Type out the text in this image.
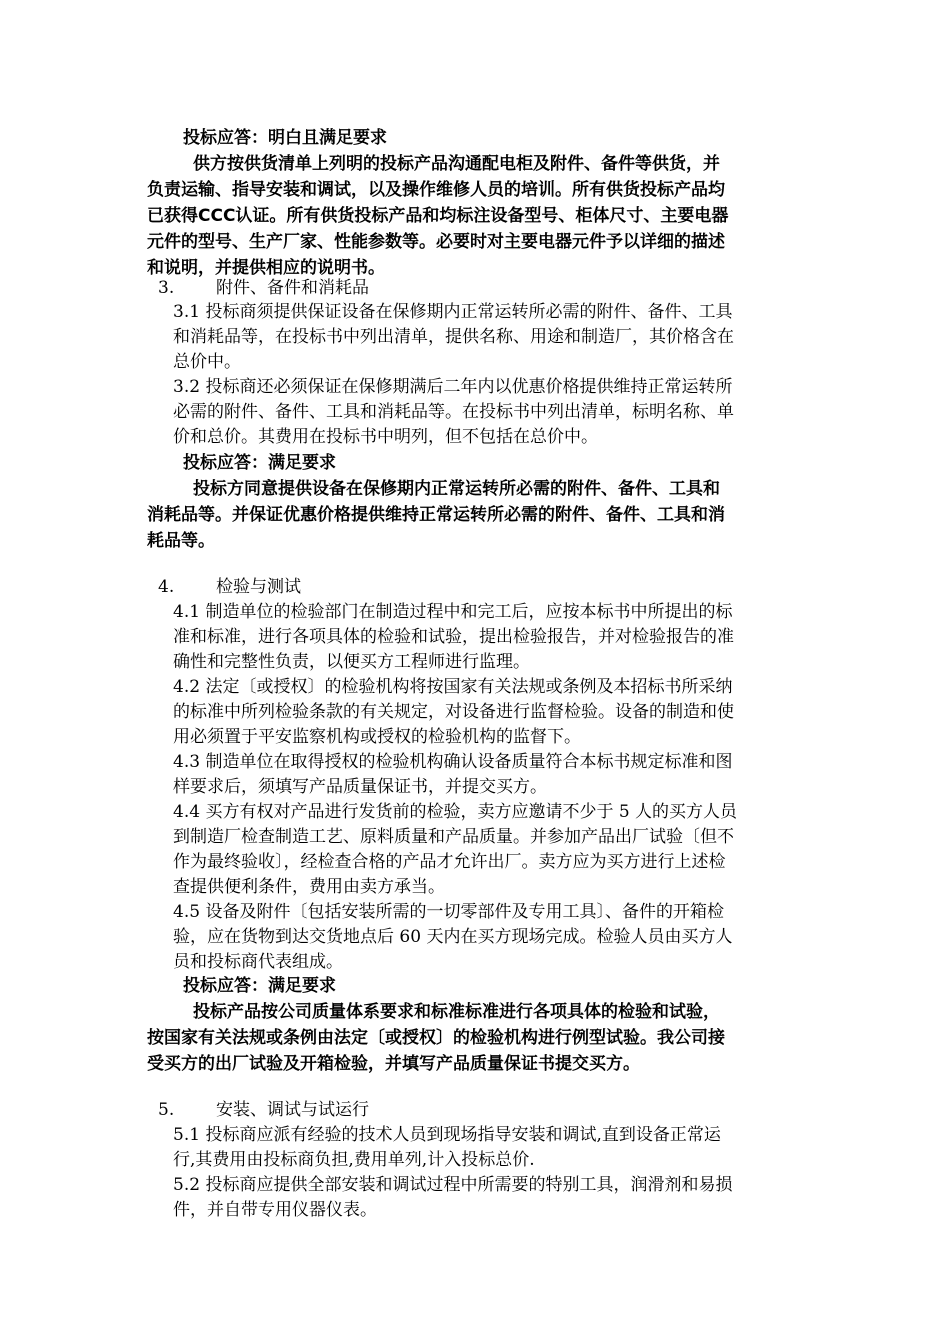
投标应答：明白且满足要求
供方按供货清单上列明的投标产品沟通配电柜及附件、备件等供货，并
负责运输、指导安装和调试，以及操作维修人员的培训。所有供货投标产品均
已获得CCC认证。所有供货投标产品和均标注设备型号、柜体尺寸、主要电器
元件的型号、生产厂家、性能参数等。必要时对主要电器元件予以详细的描述
和说明，并提供相应的说明书。
3. 附件、备件和消耗品
3.1 投标商须提供保证设备在保修期内正常运转所必需的附件、备件、工具
和消耗品等，在投标书中列出清单，提供名称、用途和制造厂，其价格含在
总价中。
3.2 投标商还必须保证在保修期满后二年内以优惠价格提供维持正常运转所
必需的附件、备件、工具和消耗品等。在投标书中列出清单，标明名称、单
价和总价。其费用在投标书中明列，但不包括在总价中。
投标应答：满足要求
投标方同意提供设备在保修期内正常运转所必需的附件、备件、工具和
消耗品等。并保证优惠价格提供维持正常运转所必需的附件、备件、工具和消
耗品等。
4. 检验与测试
4.1 制造单位的检验部门在制造过程中和完工后，应按本标书中所提出的标
准和标准，进行各项具体的检验和试验，提出检验报告，并对检验报告的准
确性和完整性负责，以便买方工程师进行监理。
4.2 法定〔或授权〕的检验机构将按国家有关法规或条例及本招标书所采纳
的标准中所列检验条款的有关规定，对设备进行监督检验。设备的制造和使
用必须置于平安监察机构或授权的检验机构的监督下。
4.3 制造单位在取得授权的检验机构确认设备质量符合本标书规定标准和图
样要求后，须填写产品质量保证书，并提交买方。
4.4 买方有权对产品进行发货前的检验，卖方应邀请不少于 5 人的买方人员
到制造厂检查制造工艺、原料质量和产品质量。并参加产品出厂试验〔但不
作为最终验收〕，经检查合格的产品才允许出厂。卖方应为买方进行上述检
查提供便利条件，费用由卖方承当。
4.5 设备及附件〔包括安装所需的一切零部件及专用工具〕、备件的开箱检
验，应在货物到达交货地点后 60 天内在买方现场完成。检验人员由买方人
员和投标商代表组成。
投标应答：满足要求
投标产品按公司质量体系要求和标准标准进行各项具体的检验和试验，
按国家有关法规或条例由法定〔或授权〕的检验机构进行例型试验。我公司接
受买方的出厂试验及开箱检验，并填写产品质量保证书提交买方。
5. 安装、调试与试运行
5.1 投标商应派有经验的技术人员到现场指导安装和调试,直到设备正常运
行,其费用由投标商负担,费用单列,计入投标总价.
5.2 投标商应提供全部安装和调试过程中所需要的特别工具，润滑剂和易损
件，并自带专用仪器仪表。
